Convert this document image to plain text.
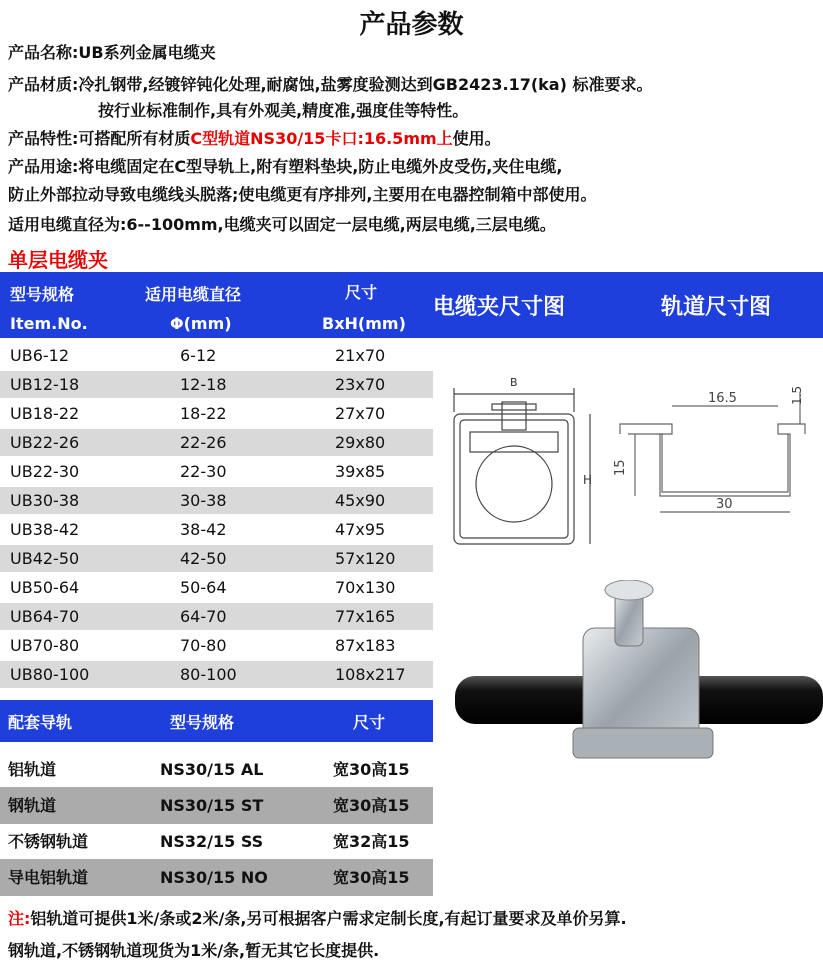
产品参数
产品名称:UB系列金属电缆夹
产品材质:冷扎钢带,经镀锌钝化处理,耐腐蚀,盐雾度验测达到GB2423.17(ka) 标准要求。
按行业标准制作,具有外观美,精度准,强度佳等特性。
产品特性:可搭配所有材质C型轨道NS30/15卡口:16.5mm上使用。
产品用途:将电缆固定在C型导轨上,附有塑料垫块,防止电缆外皮受伤,夹住电缆,
防止外部拉动导致电缆线头脱落;使电缆更有序排列,主要用在电器控制箱中部使用。
适用电缆直径为:6--100mm,电缆夹可以固定一层电缆,两层电缆,三层电缆。
单层电缆夹
型号规格
Item.No.
适用电缆直径
Φ(mm)
尺寸
BxH(mm)
电缆夹尺寸图	轨道尺寸图
UB6-12	6-12	21x70
UB12-18	12-18	23x70
UB18-22	18-22	27x70
UB22-26	22-26	29x80
UB22-30	22-30	39x85
UB30-38	30-38	45x90
UB38-42	38-42	47x95
UB42-50	42-50	57x120
UB50-64	50-64	70x130
UB64-70	64-70	77x165
UB70-80	70-80	87x183
UB80-100	80-100	108x217
配套导轨	型号规格	尺寸
铝轨道	NS30/15 AL	宽30高15
钢轨道	NS30/15 ST	宽30高15
不锈钢轨道	NS32/15 SS	宽32高15
导电铝轨道	NS30/15 NO	宽30高15
B
H
16.5	1.5
15
30
注:铝轨道可提供1米/条或2米/条,另可根据客户需求定制长度,有起订量要求及单价另算.
钢轨道,不锈钢轨道现货为1米/条,暂无其它长度提供.
